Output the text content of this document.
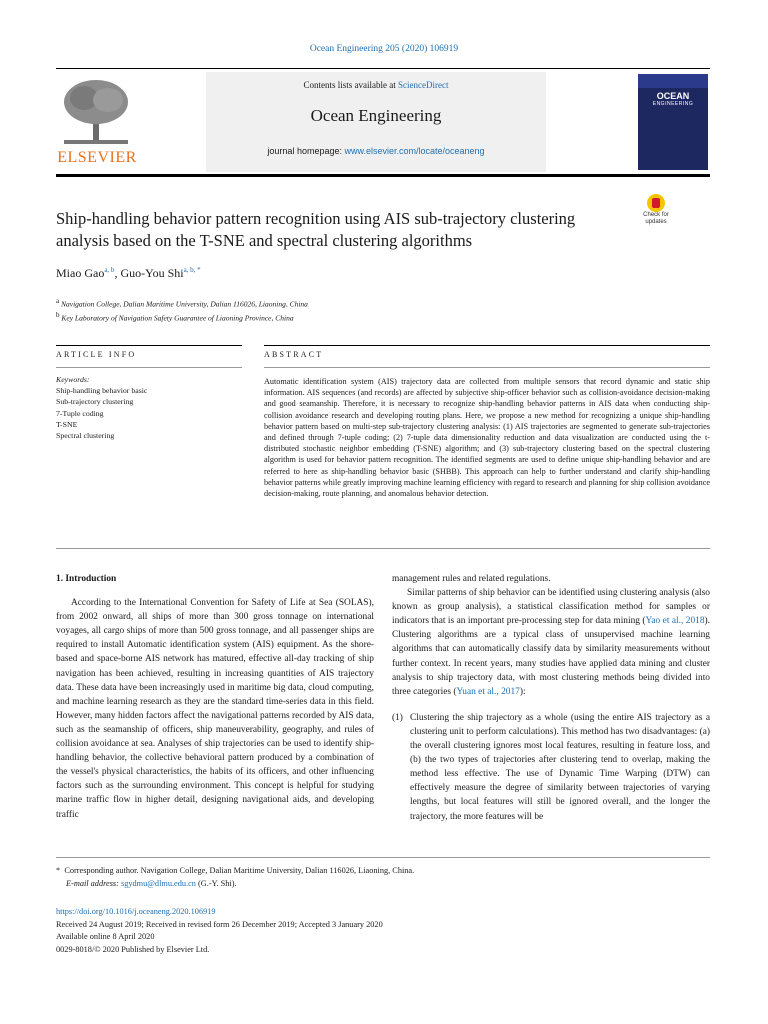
Ocean Engineering 205 (2020) 106919
ELSEVIER
Contents lists available at ScienceDirect
Ocean Engineering
journal homepage: www.elsevier.com/locate/oceaneng
OCEAN
ENGINEERING
Ship-handling behavior pattern recognition using AIS sub-trajectory clustering analysis based on the T-SNE and spectral clustering algorithms
Check for updates
Miao Gao$^{a, b}$, Guo-You Shi$^{a, b, *}$
$^a$ Navigation College, Dalian Maritime University, Dalian 116026, Liaoning, China
$^b$ Key Laboratory of Navigation Safety Guarantee of Liaoning Province, China
ARTICLE INFO	ABSTRACT
Keywords:
Ship-handling behavior basic
Sub-trajectory clustering
7-Tuple coding
T-SNE
Spectral clustering
Automatic identification system (AIS) trajectory data are collected from multiple sensors that record dynamic and static ship information. AIS sequences (and records) are affected by subjective ship-officer behavior such as collision-avoidance decision-making and good seamanship. Therefore, it is necessary to recognize ship-handling behavior patterns in AIS data when conducting ship-collision avoidance research and developing routing plans. Here, we propose a new method for recognizing a unique ship-handling behavior pattern based on multi-step sub-trajectory clustering analysis: (1) AIS trajectories are segmented to generate sub-trajectories and defined through 7-tuple coding; (2) 7-tuple data dimensionality reduction and data visualization are conducted using the t-distributed stochastic neighbor embedding (T-SNE) algorithm; and (3) sub-trajectory clustering based on the spectral clustering algorithm is used for behavior pattern recognition. The identified segments are used to define unique ship-handling behavior and are referred to here as ship-handling behavior basic (SHBB). This approach can help to further understand and clarify ship-handling behavior patterns while greatly improving machine learning efficiency with regard to research and planning for ship collision avoidance decision-making, route planning, and anomalous behavior detection.
1. Introduction

According to the International Convention for Safety of Life at Sea (SOLAS), from 2002 onward, all ships of more than 300 gross tonnage on international voyages, all cargo ships of more than 500 gross tonnage, and all passenger ships are required to install Automatic identification system (AIS) equipment. As the shore-based and space-borne AIS network has matured, effective all-day tracking of ship navigation has been achieved, resulting in increasing quantities of AIS trajectory data. These data have been increasingly used in maritime big data, cloud computing, and machine learning research as they are the standard time-series data in this field. However, many hidden factors affect the navigational patterns recorded by AIS data, such as the seamanship of officers, ship maneuverability, geography, and rules of collision avoidance at sea. Analyses of ship trajectories can be used to identify ship-handling behavior, the collective behavioral pattern produced by a combination of the vessel's physical characteristics, the habits of its officers, and other influencing factors such as the surrounding environment. This concept is helpful for studying marine traffic flow in higher detail, designing navigational aids, and developing traffic

management rules and related regulations.

Similar patterns of ship behavior can be identified using clustering analysis (also known as group analysis), a statistical classification method for samples or indicators that is an important pre-processing step for data mining (Yao et al., 2018). Clustering algorithms are a typical class of unsupervised machine learning algorithms that can automatically classify data by similarity measurements without further context. In recent years, many studies have applied data mining and cluster analysis to ship trajectory data, with most clustering methods being divided into three categories (Yuan et al., 2017):

(1) Clustering the ship trajectory as a whole (using the entire AIS trajectory as a clustering unit to perform calculations). This method has two disadvantages: (a) the overall clustering ignores most local features, resulting in feature loss, and (b) the two types of trajectories after clustering tend to overlap, making the method less effective. The use of Dynamic Time Warping (DTW) can effectively measure the degree of similarity between trajectories of varying lengths, but local features will still be ignored overall, and the longer the trajectory, the more features will be
* Corresponding author. Navigation College, Dalian Maritime University, Dalian 116026, Liaoning, China.
E-mail address: sgydmu@dlmu.edu.cn (G.-Y. Shi).
https://doi.org/10.1016/j.oceaneng.2020.106919
Received 24 August 2019; Received in revised form 26 December 2019; Accepted 3 January 2020
Available online 8 April 2020
0029-8018/© 2020 Published by Elsevier Ltd.
